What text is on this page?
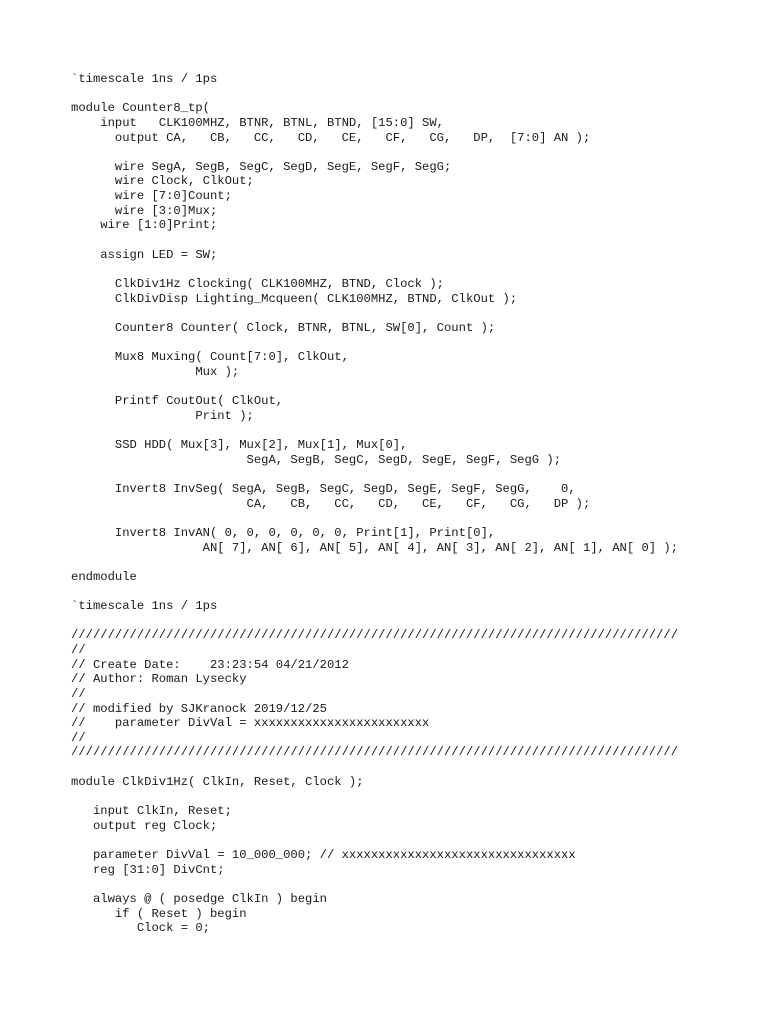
`timescale 1ns / 1ps
module Counter8_tp(
input   CLK100MHZ, BTNR, BTNL, BTND, [15:0] SW,
output CA,   CB,   CC,   CD,   CE,   CF,   CG,   DP,  [7:0] AN );
wire SegA, SegB, SegC, SegD, SegE, SegF, SegG;
wire Clock, ClkOut;
wire [7:0]Count;
wire [3:0]Mux;
wire [1:0]Print;
assign LED = SW;
ClkDiv1Hz Clocking( CLK100MHZ, BTND, Clock );
ClkDivDisp Lighting_Mcqueen( CLK100MHZ, BTND, ClkOut );
Counter8 Counter( Clock, BTNR, BTNL, SW[0], Count );
Mux8 Muxing( Count[7:0], ClkOut,
Mux );
Printf CoutOut( ClkOut,
Print );
SSD HDD( Mux[3], Mux[2], Mux[1], Mux[0],
SegA, SegB, SegC, SegD, SegE, SegF, SegG );
Invert8 InvSeg( SegA, SegB, SegC, SegD, SegE, SegF, SegG,    0,
CA,   CB,   CC,   CD,   CE,   CF,   CG,   DP );
Invert8 InvAN( 0, 0, 0, 0, 0, 0, Print[1], Print[0],
AN[ 7], AN[ 6], AN[ 5], AN[ 4], AN[ 3], AN[ 2], AN[ 1], AN[ 0] );
endmodule
`timescale 1ns / 1ps
///////////////////////////////////////////////////////////////////////////////////
//
// Create Date:    23:23:54 04/21/2012
// Author: Roman Lysecky
//
// modified by SJKranock 2019/12/25
//    parameter DivVal = xxxxxxxxxxxxxxxxxxxxxxxx
//
///////////////////////////////////////////////////////////////////////////////////
module ClkDiv1Hz( ClkIn, Reset, Clock );
input ClkIn, Reset;
output reg Clock;
parameter DivVal = 10_000_000; // xxxxxxxxxxxxxxxxxxxxxxxxxxxxxxxx
reg [31:0] DivCnt;
always @ ( posedge ClkIn ) begin
if ( Reset ) begin
Clock = 0;
